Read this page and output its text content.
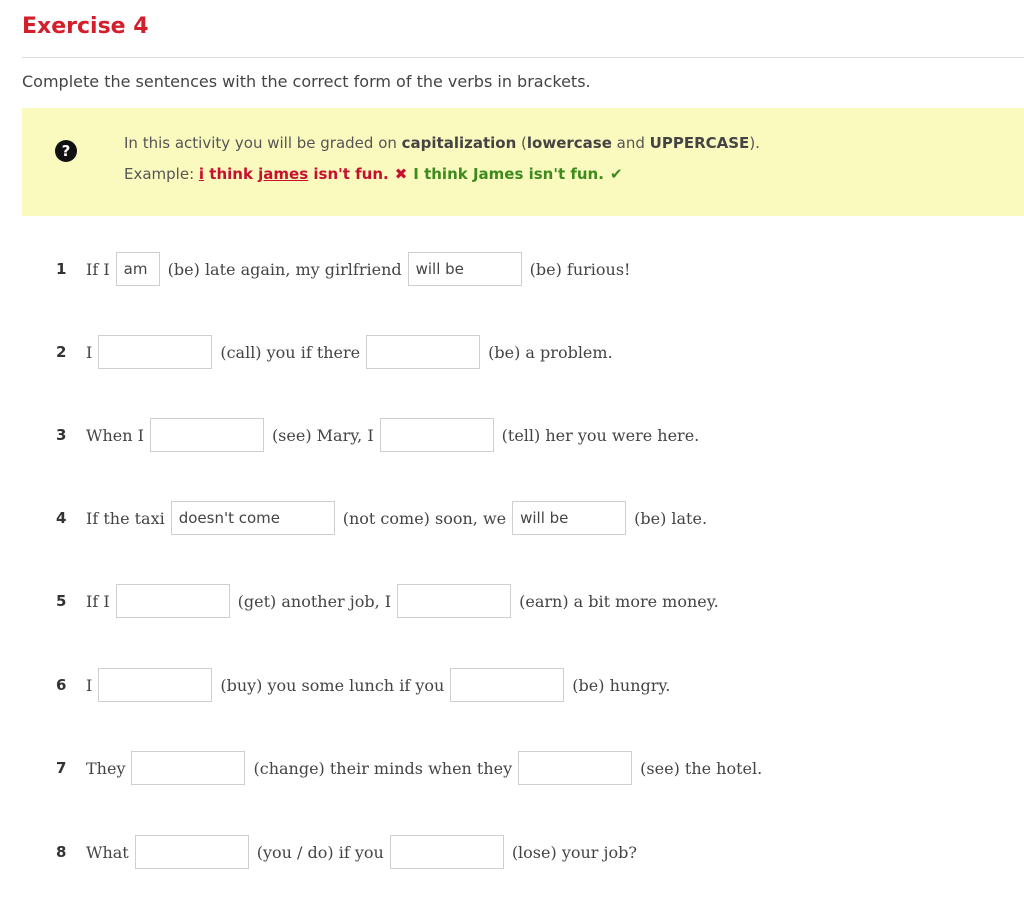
Exercise 4
Complete the sentences with the correct form of the verbs in brackets.
?	In this activity you will be graded on capitalization (lowercase and UPPERCASE).
Example: i think james isn't fun. ✖ I think James isn't fun. ✔
1	If I
am	(be) late again, my girlfriend
will be	(be) furious!
2	I	(call) you if there	(be) a problem.
3	When I	(see) Mary, I	(tell) her you were here.
4	If the taxi
doesn't come	(not come) soon, we
will be	(be) late.
5	If I	(get) another job, I	(earn) a bit more money.
6	I	(buy) you some lunch if you	(be) hungry.
7	They	(change) their minds when they	(see) the hotel.
8	What	(you / do) if you	(lose) your job?
